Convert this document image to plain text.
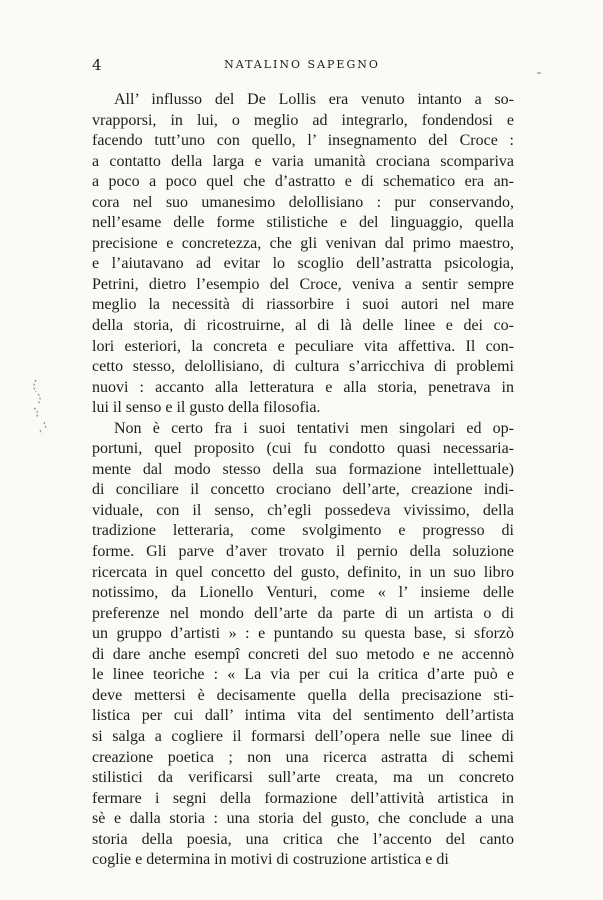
4	NATALINO SAPEGNO
All’ influsso del De Lollis era venuto intanto a so-
vrapporsi, in lui, o meglio ad integrarlo, fondendosi e
facendo tutt’uno con quello, l’ insegnamento del Croce :
a contatto della larga e varia umanità crociana scompariva
a poco a poco quel che d’astratto e di schematico era an-
cora nel suo umanesimo delollisiano : pur conservando,
nell’esame delle forme stilistiche e del linguaggio, quella
precisione e concretezza, che gli venivan dal primo maestro,
e l’aiutavano ad evitar lo scoglio dell’astratta psicologia,
Petrini, dietro l’esempio del Croce, veniva a sentir sempre
meglio la necessità di riassorbire i suoi autori nel mare
della storia, di ricostruirne, al di là delle linee e dei co-
lori esteriori, la concreta e peculiare vita affettiva. Il con-
cetto stesso, delollisiano, di cultura s’arricchiva di problemi
nuovi : accanto alla letteratura e alla storia, penetrava in
lui il senso e il gusto della filosofia.
Non è certo fra i suoi tentativi men singolari ed op-
portuni, quel proposito (cui fu condotto quasi necessaria-
mente dal modo stesso della sua formazione intellettuale)
di conciliare il concetto crociano dell’arte, creazione indi-
viduale, con il senso, ch’egli possedeva vivissimo, della
tradizione letteraria, come svolgimento e progresso di
forme. Gli parve d’aver trovato il pernio della soluzione
ricercata in quel concetto del gusto, definito, in un suo libro
notissimo, da Lionello Venturi, come « l’ insieme delle
preferenze nel mondo dell’arte da parte di un artista o di
un gruppo d’artisti » : e puntando su questa base, si sforzò
di dare anche esempî concreti del suo metodo e ne accennò
le linee teoriche : « La via per cui la critica d’arte può e
deve mettersi è decisamente quella della precisazione sti-
listica per cui dall’ intima vita del sentimento dell’artista
si salga a cogliere il formarsi dell’opera nelle sue linee di
creazione poetica ; non una ricerca astratta di schemi
stilistici da verificarsi sull’arte creata, ma un concreto
fermare i segni della formazione dell’attività artistica in
sè e dalla storia : una storia del gusto, che conclude a una
storia della poesia, una critica che l’accento del canto
coglie e determina in motivi di costruzione artistica e di
